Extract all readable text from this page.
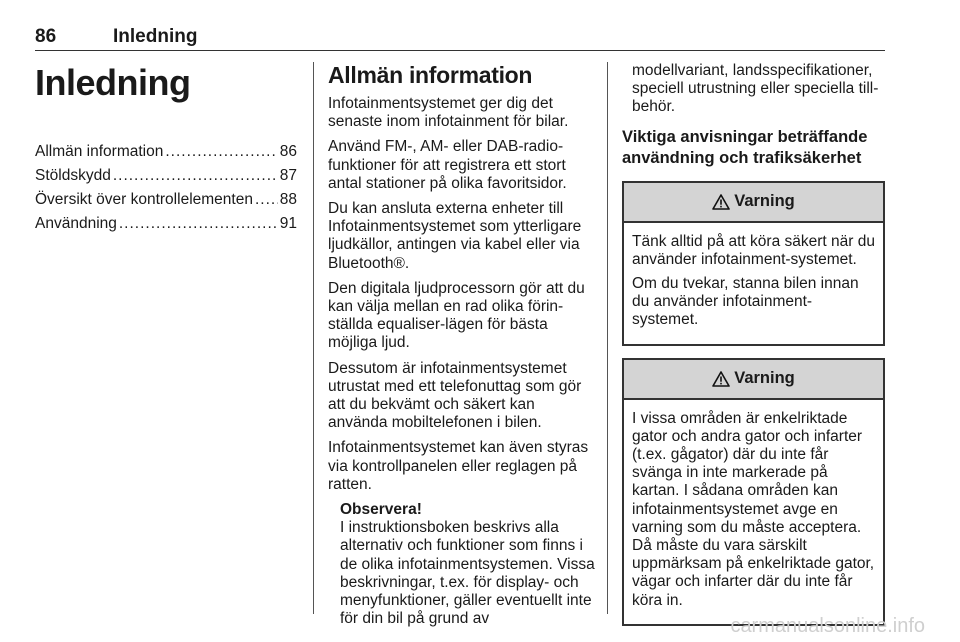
86	Inledning
Inledning
Allmän information .....	86
Stöldskydd .....	87
Översikt över kontrollelementen ..... 88
Användning .....	91
Allmän information

Infotainmentsystemet ger dig det senaste inom infotainment för bilar.

Använd FM-, AM- eller DAB-radio-funktioner för att registrera ett stort antal stationer på olika favoritsidor.

Du kan ansluta externa enheter till Infotainmentsystemet som ytterligare ljudkällor, antingen via kabel eller via Bluetooth®.

Den digitala ljudprocessorn gör att du kan välja mellan en rad olika förin-ställda equaliser-lägen för bästa möjliga ljud.

Dessutom är infotainmentsystemet utrustat med ett telefonuttag som gör att du bekvämt och säkert kan använda mobiltelefonen i bilen.

Infotainmentsystemet kan även styras via kontrollpanelen eller reglagen på ratten.

Observera!
I instruktionsboken beskrivs alla alternativ och funktioner som finns i de olika infotainmentsystemen. Vissa beskrivningar, t.ex. för display- och menyfunktioner, gäller eventuellt inte för din bil på grund av

modellvariant, landsspecifikationer, speciell utrustning eller speciella till-behör.

Viktiga anvisningar beträffande användning och trafiksäkerhet
Varning

Tänk alltid på att köra säkert när du använder infotainment-systemet.

Om du tvekar, stanna bilen innan du använder infotainment-systemet.

Varning

I vissa områden är enkelriktade gator och andra gator och infarter (t.ex. gågator) där du inte får svänga in inte markerade på kartan. I sådana områden kan infotainmentsystemet avge en varning som du måste acceptera. Då måste du vara särskilt uppmärksam på enkelriktade gator, vägar och infarter där du inte får köra in.

carmanualsonline.info
